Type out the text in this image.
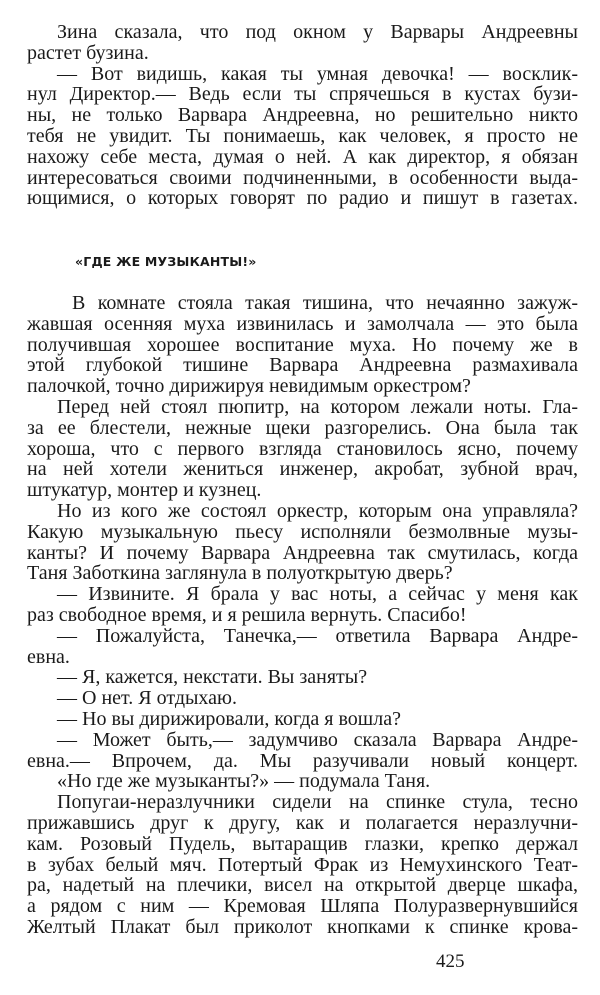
Зина сказала, что под окном у Варвары Андреевны
растет бузина.
— Вот видишь, какая ты умная девочка! — восклик-
нул Директор.— Ведь если ты спрячешься в кустах бузи-
ны, не только Варвара Андреевна, но решительно никто
тебя не увидит. Ты понимаешь, как человек, я просто не
нахожу себе места, думая о ней. А как директор, я обязан
интересоваться своими подчиненными, в особенности выда-
ющимися, о которых говорят по радио и пишут в газетах.
«ГДЕ ЖЕ МУЗЫКАНТЫ!»
В комнате стояла такая тишина, что нечаянно зажуж-
жавшая осенняя муха извинилась и замолчала — это была
получившая хорошее воспитание муха. Но почему же в
этой глубокой тишине Варвара Андреевна размахивала
палочкой, точно дирижируя невидимым оркестром?
Перед ней стоял пюпитр, на котором лежали ноты. Гла-
за ее блестели, нежные щеки разгорелись. Она была так
хороша, что с первого взгляда становилось ясно, почему
на ней хотели жениться инженер, акробат, зубной врач,
штукатур, монтер и кузнец.
Но из кого же состоял оркестр, которым она управляла?
Какую музыкальную пьесу исполняли безмолвные музы-
канты? И почему Варвара Андреевна так смутилась, когда
Таня Заботкина заглянула в полуоткрытую дверь?
— Извините. Я брала у вас ноты, а сейчас у меня как
раз свободное время, и я решила вернуть. Спасибо!
— Пожалуйста, Танечка,— ответила Варвара Андре-
евна.
— Я, кажется, некстати. Вы заняты?
— О нет. Я отдыхаю.
— Но вы дирижировали, когда я вошла?
— Может быть,— задумчиво сказала Варвара Андре-
евна.— Впрочем, да. Мы разучивали новый концерт.
«Но где же музыканты?» — подумала Таня.
Попугаи-неразлучники сидели на спинке стула, тесно
прижавшись друг к другу, как и полагается неразлучни-
кам. Розовый Пудель, вытаращив глазки, крепко держал
в зубах белый мяч. Потертый Фрак из Немухинского Теат-
ра, надетый на плечики, висел на открытой дверце шкафа,
а рядом с ним — Кремовая Шляпа Полуразвернувшийся
Желтый Плакат был приколот кнопками к спинке крова-
425
